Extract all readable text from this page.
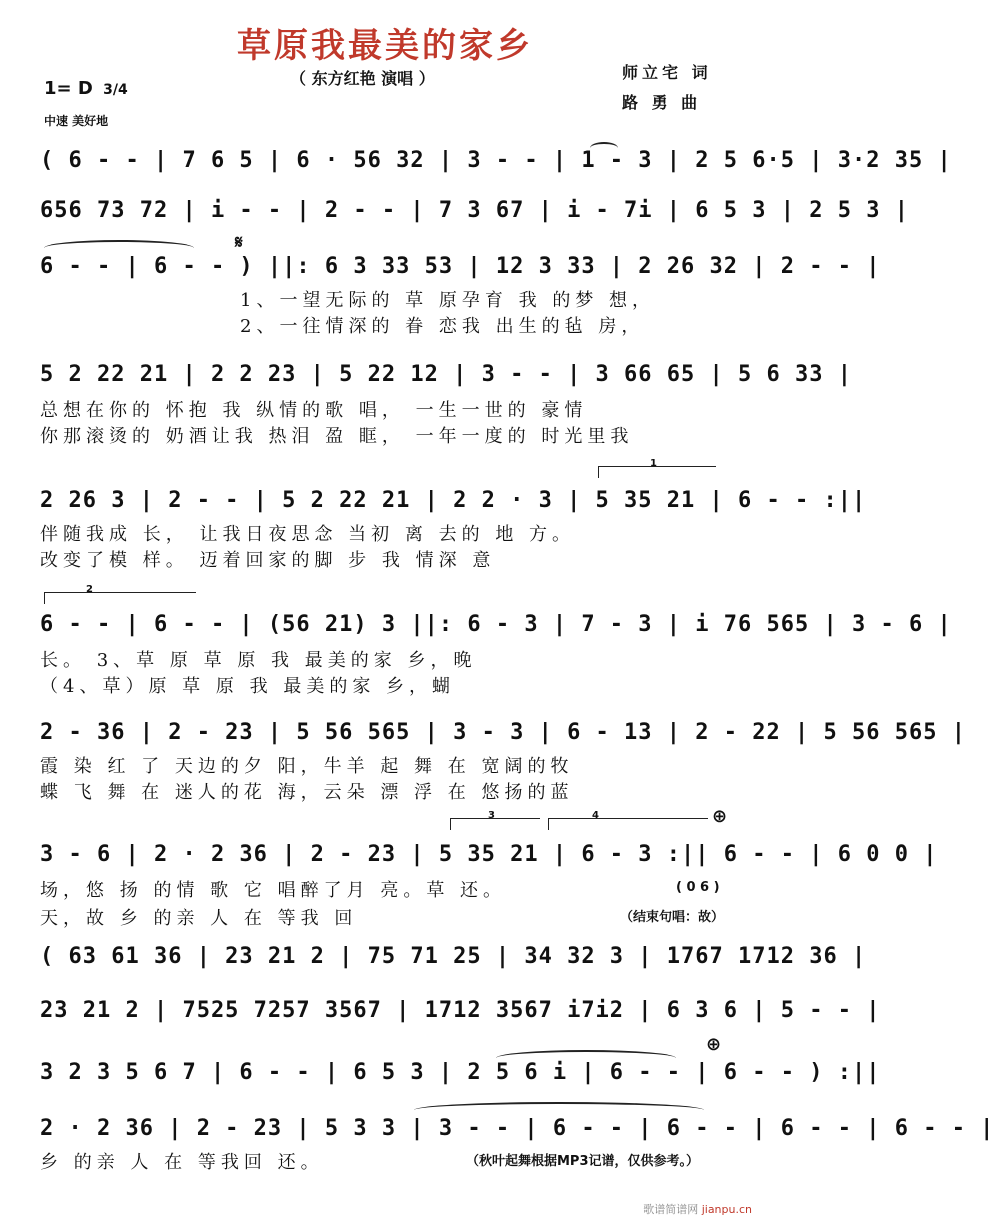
草原我最美的家乡
（ 东方红艳 演唱 ）	师立宅 词
路 勇 曲
1= D 3/4
中速 美好地
( 6 - - | 7 6 5 | 6 · 56 32 | 3 - - | 1 - 3 | 2 5 6·5 | 3·2 35 |
656 73 72 | i - - | 2 - - | 7 3 67 | i - 7i | 6 5 3 | 2 5 3 |
𝄋
6 - - | 6 - - ) ||: 6 3 33 53 | 12 3 33 | 2 26 32 | 2 - - |
1、一望无际的 草 原孕育 我 的梦 想，
2、一往情深的 眷 恋我 出生的毡 房，
5 2 22 21 | 2 2 23 | 5 22 12 | 3 - - | 3 66 65 | 5 6 33 |
总想在你的 怀抱 我 纵情的歌 唱， 一生一世的 豪情
你那滚烫的 奶酒让我 热泪 盈 眶， 一年一度的 时光里我
1
2 26 3 | 2 - - | 5 2 22 21 | 2 2 · 3 | 5 35 21 | 6 - - :||
伴随我成 长， 让我日夜思念 当初 离 去的 地 方。
改变了模 样。 迈着回家的脚 步 我 情深 意
2
6 - - | 6 - - | (56 21) 3 ||: 6 - 3 | 7 - 3 | i 76 565 | 3 - 6 |
长。 3、草 原 草 原 我 最美的家 乡，晚
（4、草）原 草 原 我 最美的家 乡，蝴
2 - 36 | 2 - 23 | 5 56 565 | 3 - 3 | 6 - 13 | 2 - 22 | 5 56 565 |
霞 染 红 了 天边的夕 阳，牛羊 起 舞 在 宽阔的牧
蝶 飞 舞 在 迷人的花 海，云朵 漂 浮 在 悠扬的蓝
3	4	⊕
3 - 6 | 2 · 2 36 | 2 - 23 | 5 35 21 | 6 - 3 :|| 6 - - | 6 0 0 |
场，悠 扬 的情 歌 它 唱醉了月 亮。草 还。
天，故 乡 的亲 人 在 等我 回
( 0 6 )
（结束句唱：故）
( 63 61 36 | 23 21 2 | 75 71 25 | 34 32 3 | 1767 1712 36 |
23 21 2 | 7525 7257 3567 | 1712 3567 i7i2 | 6 3 6 | 5 - - |
⊕
3 2 3 5 6 7 | 6 - - | 6 5 3 | 2 5 6 i | 6 - - | 6 - - ) :||
2 · 2 36 | 2 - 23 | 5 3 3 | 3 - - | 6 - - | 6 - - | 6 - - | 6 - - |
乡 的亲 人 在 等我回 还。	（秋叶起舞根据MP3记谱，仅供参考。）
歌谱简谱网 jianpu.cn
